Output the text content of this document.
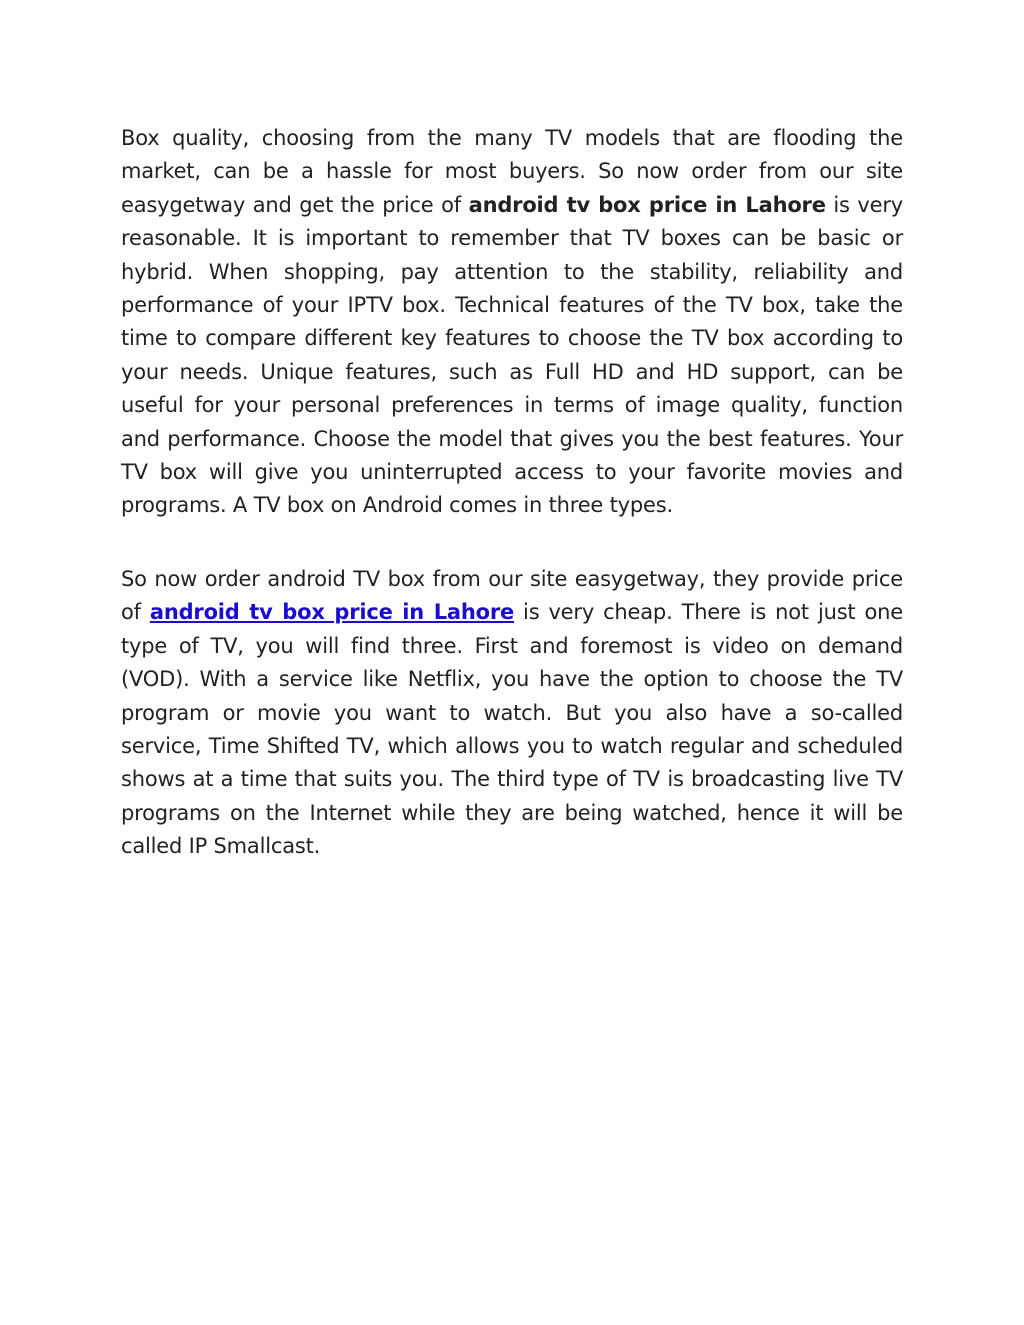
Box quality, choosing from the many TV models that are flooding the market, can be a hassle for most buyers. So now order from our site easygetway and get the price of android tv box price in Lahore is very reasonable. It is important to remember that TV boxes can be basic or hybrid. When shopping, pay attention to the stability, reliability and performance of your IPTV box. Technical features of the TV box, take the time to compare different key features to choose the TV box according to your needs. Unique features, such as Full HD and HD support, can be useful for your personal preferences in terms of image quality, function and performance. Choose the model that gives you the best features. Your TV box will give you uninterrupted access to your favorite movies and programs. A TV box on Android comes in three types.

So now order android TV box from our site easygetway, they provide price of android tv box price in Lahore is very cheap. There is not just one type of TV, you will find three. First and foremost is video on demand (VOD). With a service like Netflix, you have the option to choose the TV program or movie you want to watch. But you also have a so-called service, Time Shifted TV, which allows you to watch regular and scheduled shows at a time that suits you. The third type of TV is broadcasting live TV programs on the Internet while they are being watched, hence it will be called IP Smallcast.
